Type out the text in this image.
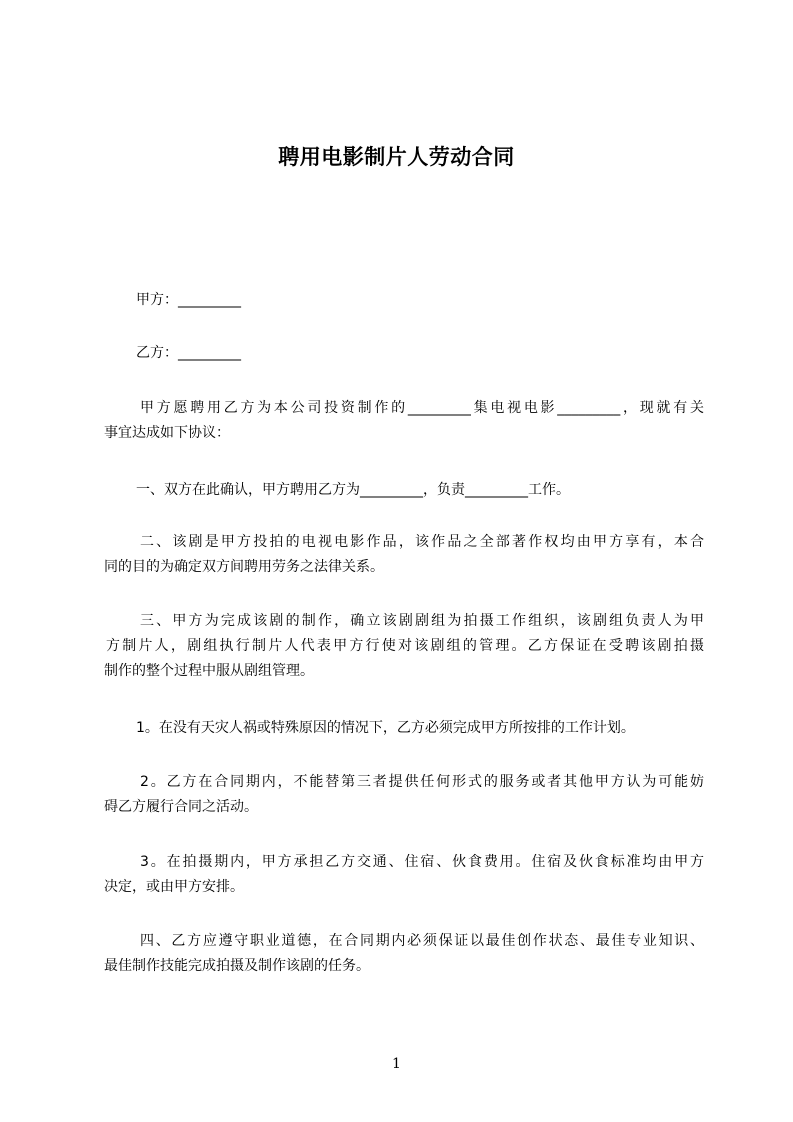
聘用电影制片人劳动合同
甲方：_________
乙方：_________
甲方愿聘用乙方为本公司投资制作的_________集电视电影_________，现就有关
事宜达成如下协议：
一、双方在此确认，甲方聘用乙方为_________，负责_________工作。
二、该剧是甲方投拍的电视电影作品，该作品之全部著作权均由甲方享有，本合
同的目的为确定双方间聘用劳务之法律关系。
三、甲方为完成该剧的制作，确立该剧剧组为拍摄工作组织，该剧组负责人为甲
方制片人，剧组执行制片人代表甲方行使对该剧组的管理。乙方保证在受聘该剧拍摄
制作的整个过程中服从剧组管理。
1。在没有天灾人祸或特殊原因的情况下，乙方必须完成甲方所按排的工作计划。
2。乙方在合同期内，不能替第三者提供任何形式的服务或者其他甲方认为可能妨
碍乙方履行合同之活动。
3。在拍摄期内，甲方承担乙方交通、住宿、伙食费用。住宿及伙食标准均由甲方
决定，或由甲方安排。
四、乙方应遵守职业道德，在合同期内必须保证以最佳创作状态、最佳专业知识、
最佳制作技能完成拍摄及制作该剧的任务。
1
